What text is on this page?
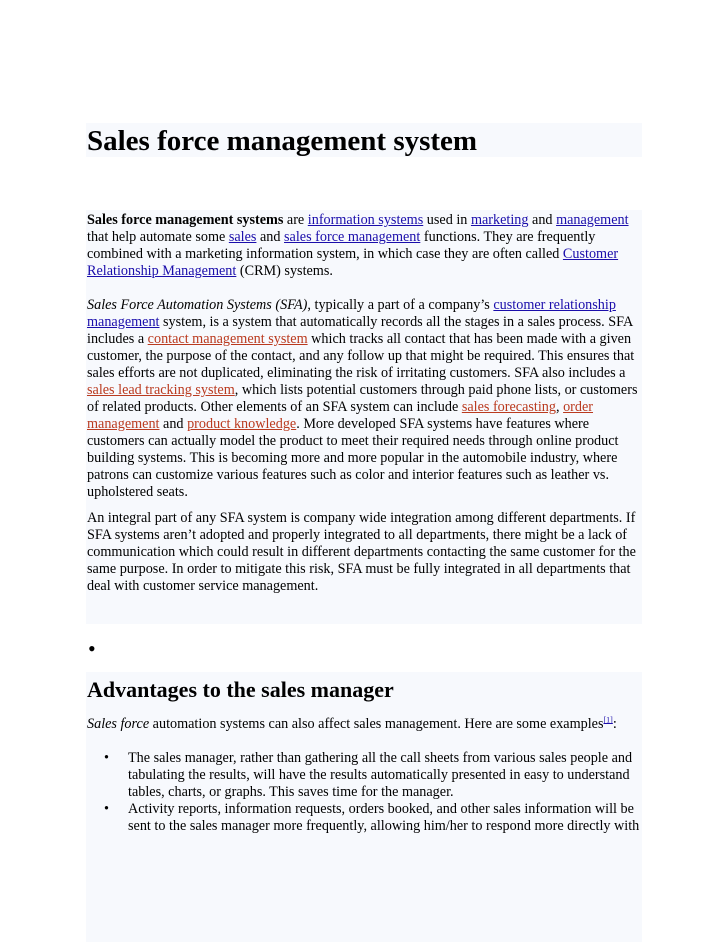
Sales force management system

Sales force management systems are information systems used in marketing and management
that help automate some sales and sales force management functions. They are frequently
combined with a marketing information system, in which case they are often called Customer
Relationship Management (CRM) systems.

Sales Force Automation Systems (SFA), typically a part of a company’s customer relationship
management system, is a system that automatically records all the stages in a sales process. SFA
includes a contact management system which tracks all contact that has been made with a given
customer, the purpose of the contact, and any follow up that might be required. This ensures that
sales efforts are not duplicated, eliminating the risk of irritating customers. SFA also includes a
sales lead tracking system, which lists potential customers through paid phone lists, or customers
of related products. Other elements of an SFA system can include sales forecasting, order
management and product knowledge. More developed SFA systems have features where
customers can actually model the product to meet their required needs through online product
building systems. This is becoming more and more popular in the automobile industry, where
patrons can customize various features such as color and interior features such as leather vs.
upholstered seats.

An integral part of any SFA system is company wide integration among different departments. If
SFA systems aren’t adopted and properly integrated to all departments, there might be a lack of
communication which could result in different departments contacting the same customer for the
same purpose. In order to mitigate this risk, SFA must be fully integrated in all departments that
deal with customer service management.

•
Advantages to the sales manager

Sales force automation systems can also affect sales management. Here are some examples[1]:

• The sales manager, rather than gathering all the call sheets from various sales people and
tabulating the results, will have the results automatically presented in easy to understand
tables, charts, or graphs. This saves time for the manager.
• Activity reports, information requests, orders booked, and other sales information will be
sent to the sales manager more frequently, allowing him/her to respond more directly with
